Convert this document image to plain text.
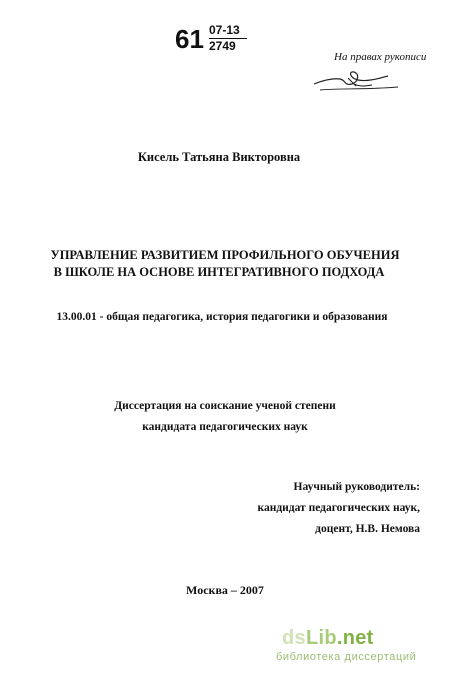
$61 \frac{07-13}{2749}$
На правах рукописи
Кисель Татьяна Викторовна
УПРАВЛЕНИЕ РАЗВИТИЕМ ПРОФИЛЬНОГО ОБУЧЕНИЯ
В ШКОЛЕ НА ОСНОВЕ ИНТЕГРАТИВНОГО ПОДХОДА
13.00.01 - общая педагогика, история педагогики и образования
Диссертация на соискание ученой степени
кандидата педагогических наук
Научный руководитель:
кандидат педагогических наук,
доцент, Н.В. Немова
Москва – 2007
dsLib.net
библиотека диссертаций
